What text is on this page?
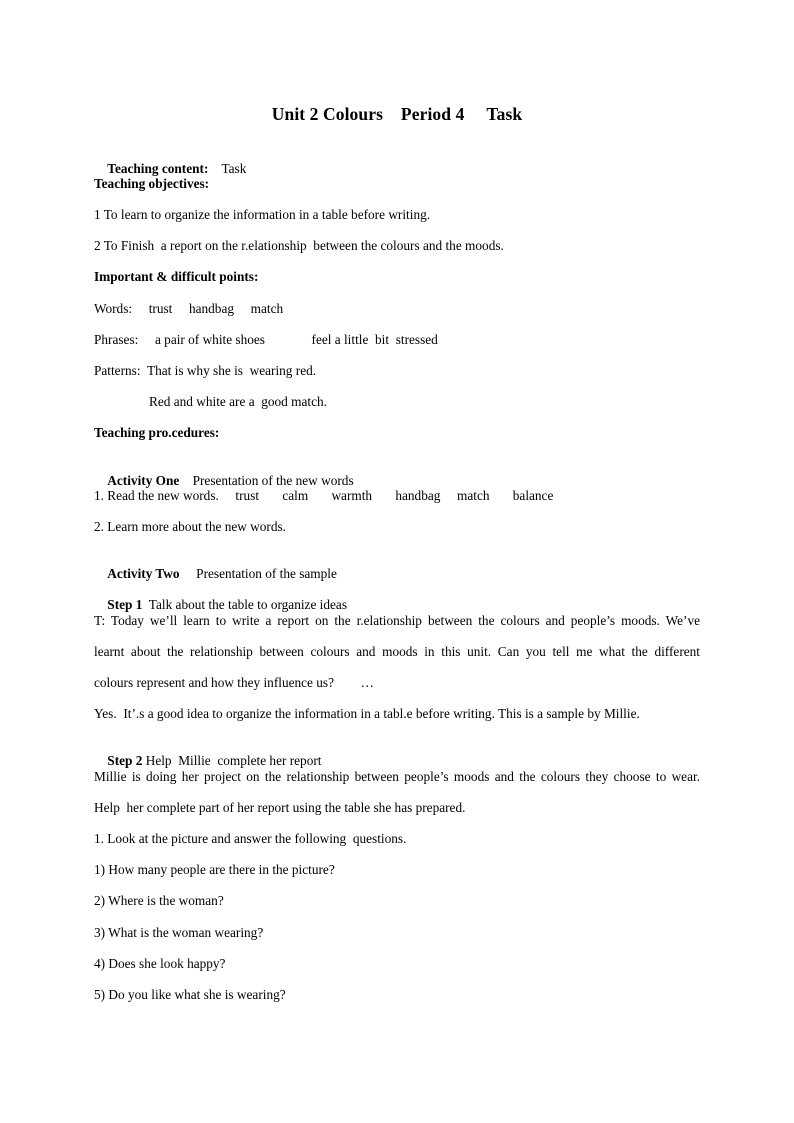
Unit 2 Colours    Period 4     Task

Teaching content:    Task

Teaching objectives:
1 To learn to organize the information in a table before writing.
2 To Finish  a report on the r.elationship  between the colours and the moods.
Important & difficult points:
Words:     trust     handbag     match
Phrases:     a pair of white shoes              feel a little  bit  stressed
Patterns:  That is why she is  wearing red.
Red and white are a  good match.
Teaching pro.cedures:

Activity One    Presentation of the new words

1. Read the new words.     trust       calm       warmth       handbag     match       balance
2. Learn more about the new words.

Activity Two     Presentation of the sample

Step 1  Talk about the table to organize ideas

T: Today we’ll learn to write a report on the r.elationship between the colours and people’s moods. We’ve
learnt about the relationship between colours and moods in this unit. Can you tell me what the different
colours represent and how they influence us?        …
Yes.  It’.s a good idea to organize the information in a tabl.e before writing. This is a sample by Millie.

Step 2 Help  Millie  complete her report

Millie is doing her project on the relationship between people’s moods and the colours they choose to wear.
Help  her complete part of her report using the table she has prepared.
1. Look at the picture and answer the following  questions.
1) How many people are there in the picture?
2) Where is the woman?
3) What is the woman wearing?
4) Does she look happy?
5) Do you like what she is wearing?
